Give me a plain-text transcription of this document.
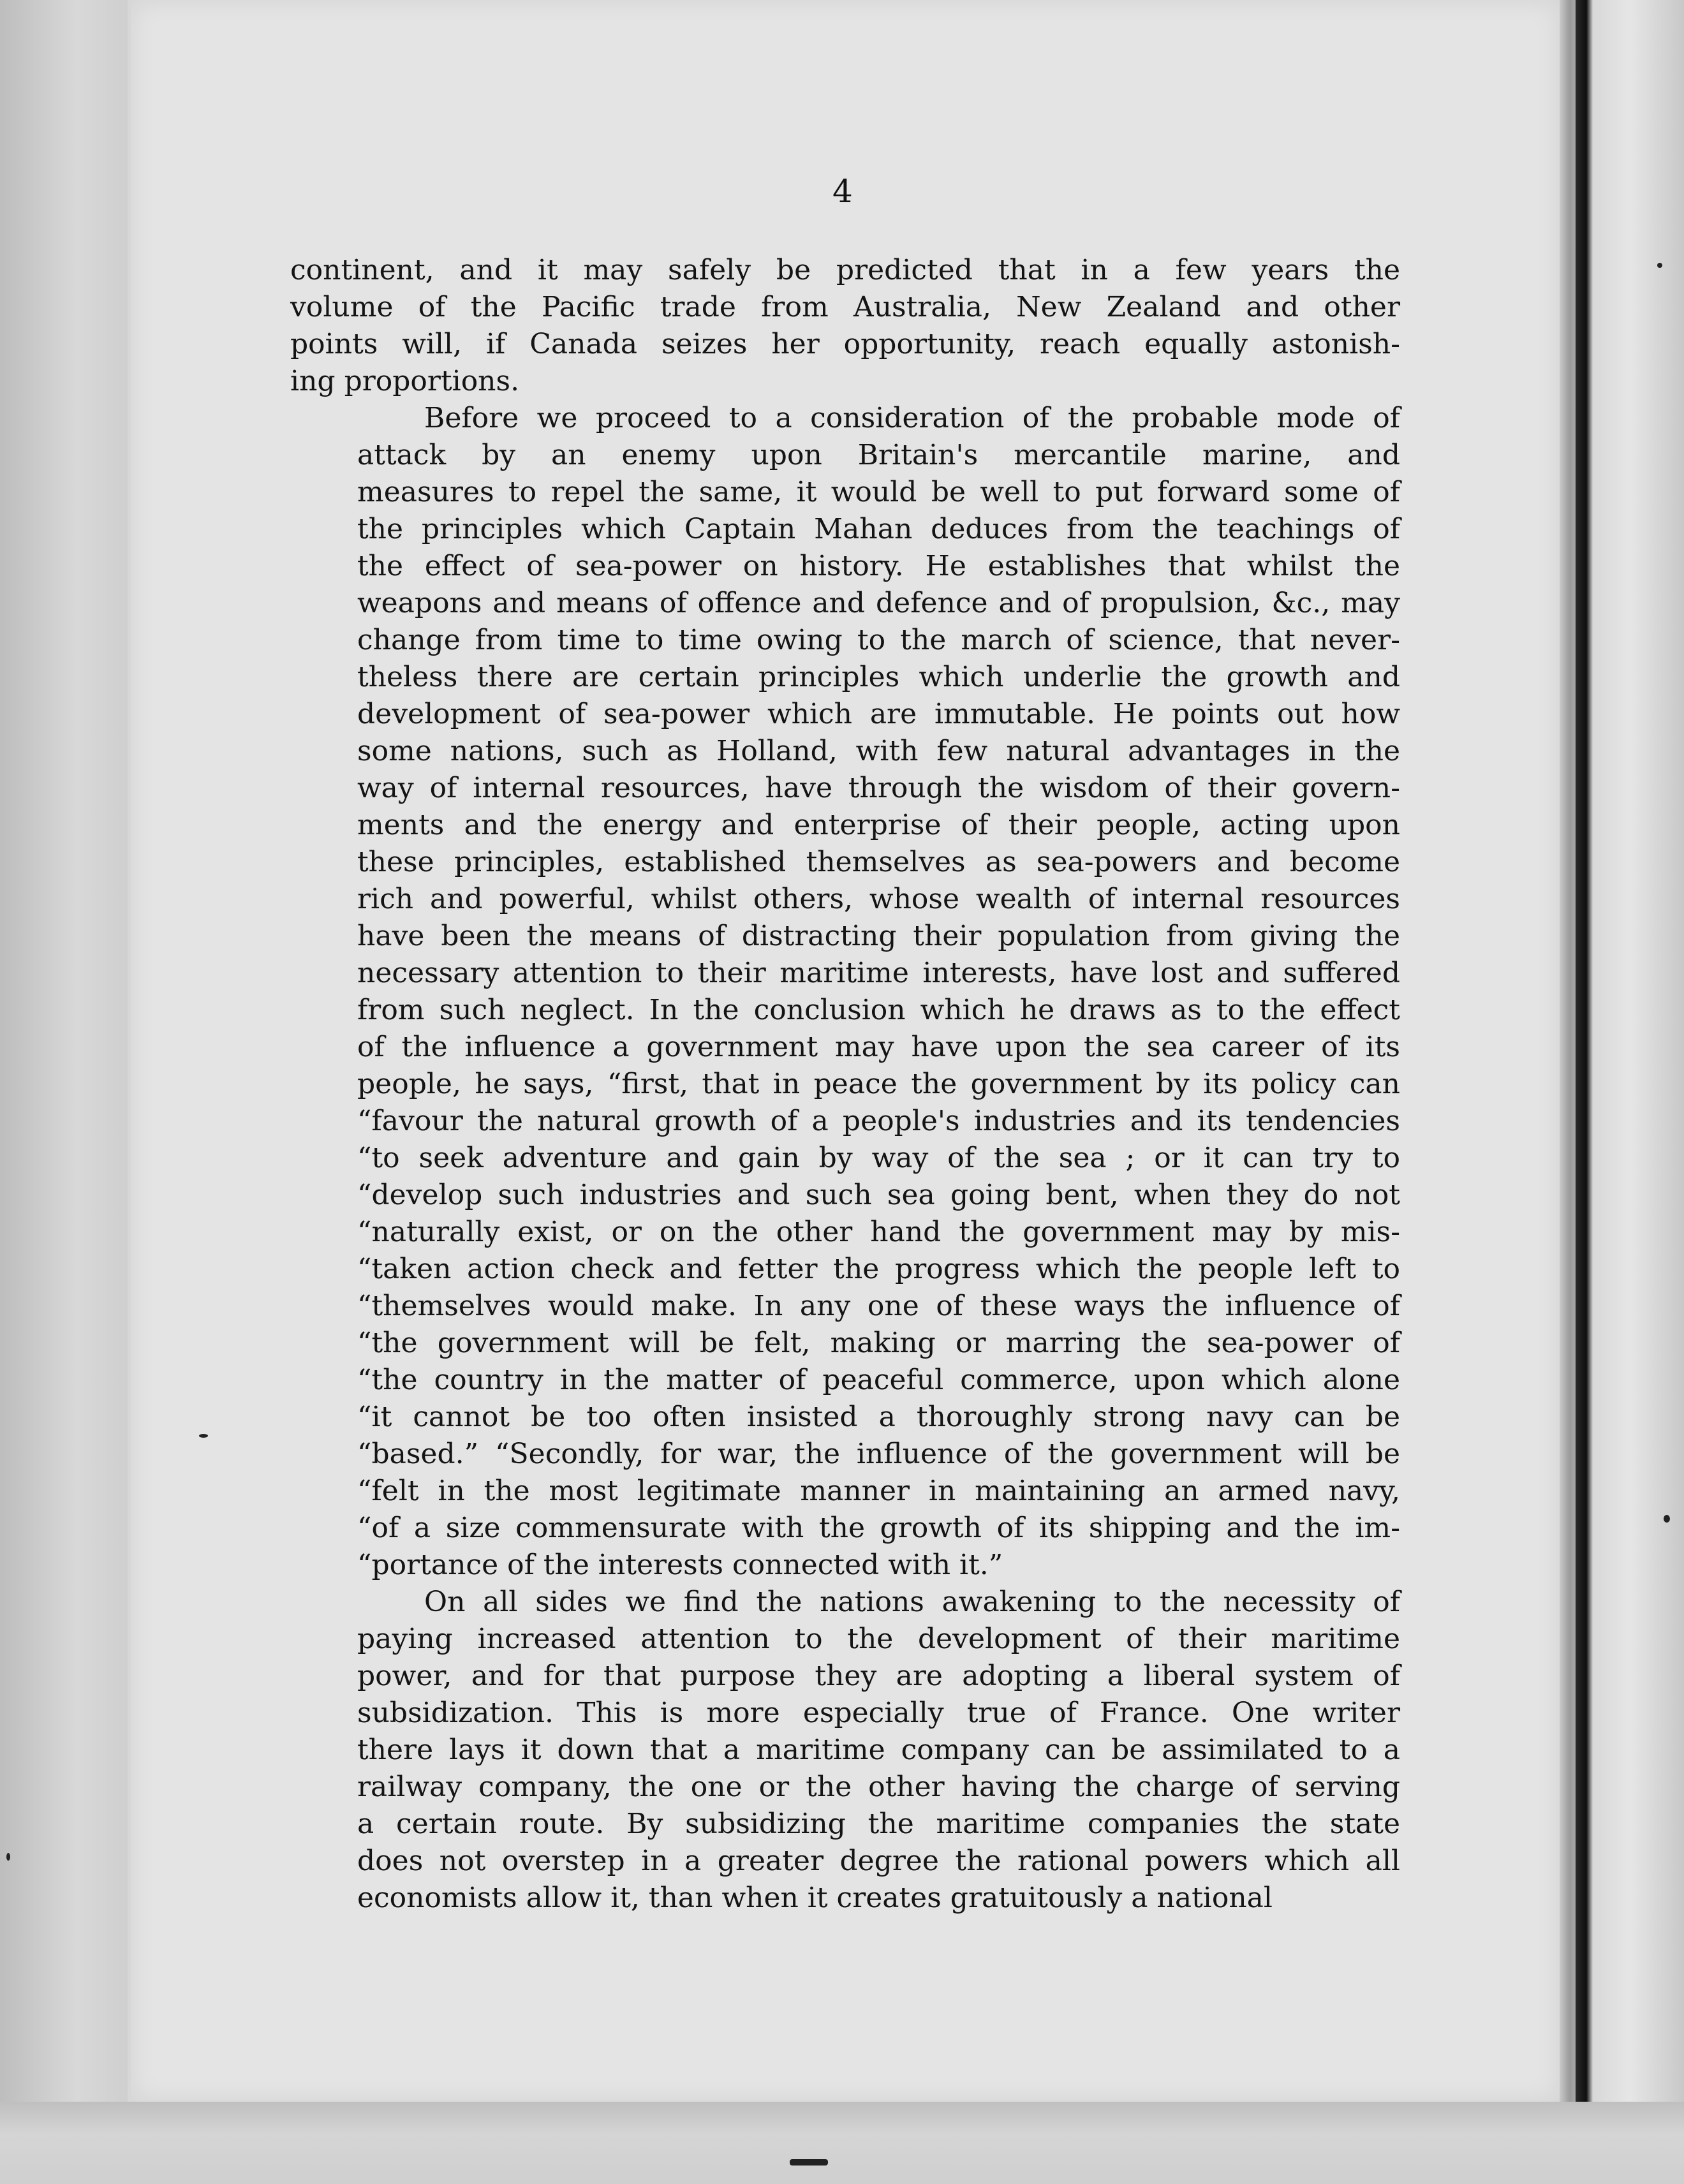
4
continent, and it may safely be predicted that in a few years the
volume of the Pacific trade from Australia, New Zealand and other
points will, if Canada seizes her opportunity, reach equally astonish-
ing proportions.
Before we proceed to a consideration of the probable mode of
attack by an enemy upon Britain's mercantile marine, and
measures to repel the same, it would be well to put forward some of
the principles which Captain Mahan deduces from the teachings of
the effect of sea-power on history. He establishes that whilst the
weapons and means of offence and defence and of propulsion, &c., may
change from time to time owing to the march of science, that never-
theless there are certain principles which underlie the growth and
development of sea-power which are immutable. He points out how
some nations, such as Holland, with few natural advantages in the
way of internal resources, have through the wisdom of their govern-
ments and the energy and enterprise of their people, acting upon
these principles, established themselves as sea-powers and become
rich and powerful, whilst others, whose wealth of internal resources
have been the means of distracting their population from giving the
necessary attention to their maritime interests, have lost and suffered
from such neglect. In the conclusion which he draws as to the effect
of the influence a government may have upon the sea career of its
people, he says, “first, that in peace the government by its policy can
“favour the natural growth of a people's industries and its tendencies
“to seek adventure and gain by way of the sea ; or it can try to
“develop such industries and such sea going bent, when they do not
“naturally exist, or on the other hand the government may by mis-
“taken action check and fetter the progress which the people left to
“themselves would make. In any one of these ways the influence of
“the government will be felt, making or marring the sea-power of
“the country in the matter of peaceful commerce, upon which alone
“it cannot be too often insisted a thoroughly strong navy can be
“based.” “Secondly, for war, the influence of the government will be
“felt in the most legitimate manner in maintaining an armed navy,
“of a size commensurate with the growth of its shipping and the im-
“portance of the interests connected with it.”
On all sides we find the nations awakening to the necessity of
paying increased attention to the development of their maritime
power, and for that purpose they are adopting a liberal system of
subsidization. This is more especially true of France. One writer
there lays it down that a maritime company can be assimilated to a
railway company, the one or the other having the charge of serving
a certain route. By subsidizing the maritime companies the state
does not overstep in a greater degree the rational powers which all
economists allow it, than when it creates gratuitously a national
